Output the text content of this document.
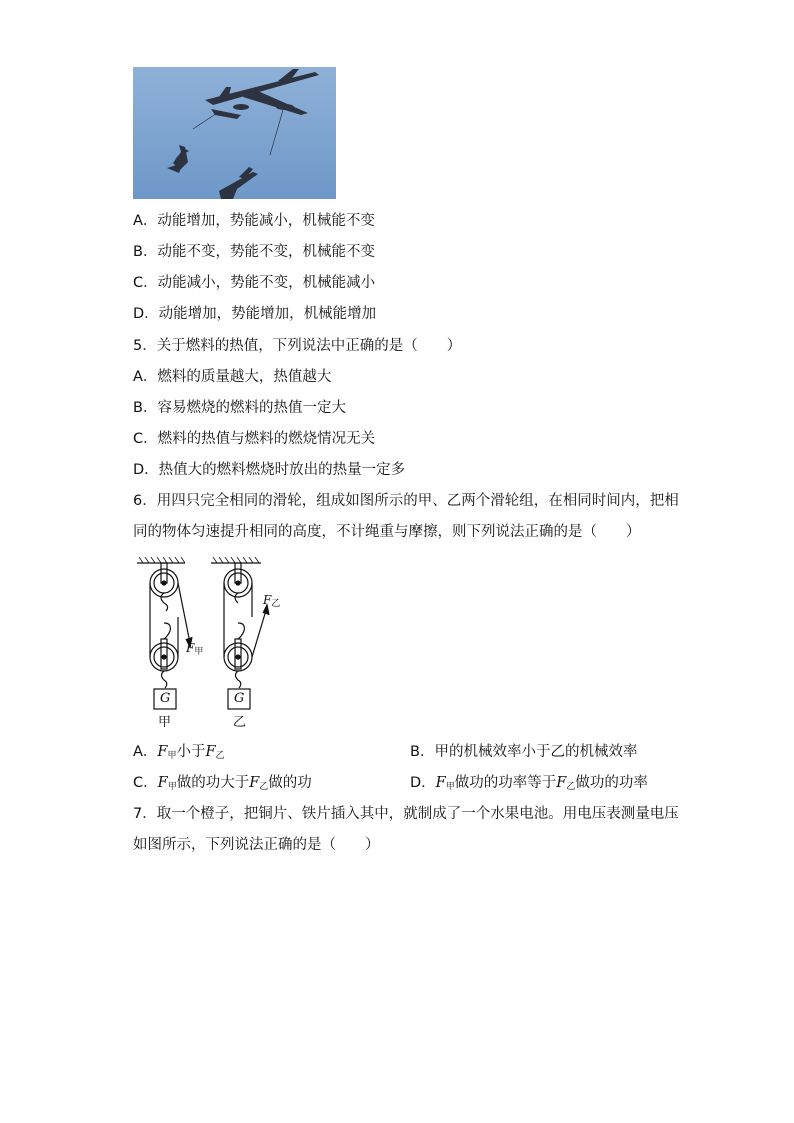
A．动能增加，势能减小，机械能不变
B．动能不变，势能不变，机械能不变
C．动能减小，势能不变，机械能减小
D．动能增加，势能增加，机械能增加
5．关于燃料的热值，下列说法中正确的是（　　）
A．燃料的质量越大，热值越大
B．容易燃烧的燃料的热值一定大
C．燃料的热值与燃料的燃烧情况无关
D．热值大的燃料燃烧时放出的热量一定多
6．用四只完全相同的滑轮，组成如图所示的甲、乙两个滑轮组，在相同时间内，把相
同的物体匀速提升相同的高度，不计绳重与摩擦，则下列说法正确的是（　　）
$F_甲$
$F_乙$
G	G
甲	乙
A．$F_甲$小于$F_乙$	B．甲的机械效率小于乙的机械效率
C．$F_甲$做的功大于$F_乙$做的功	D．$F_甲$做功的功率等于$F_乙$做功的功率
7．取一个橙子，把铜片、铁片插入其中，就制成了一个水果电池。用电压表测量电压
如图所示，下列说法正确的是（　　）
